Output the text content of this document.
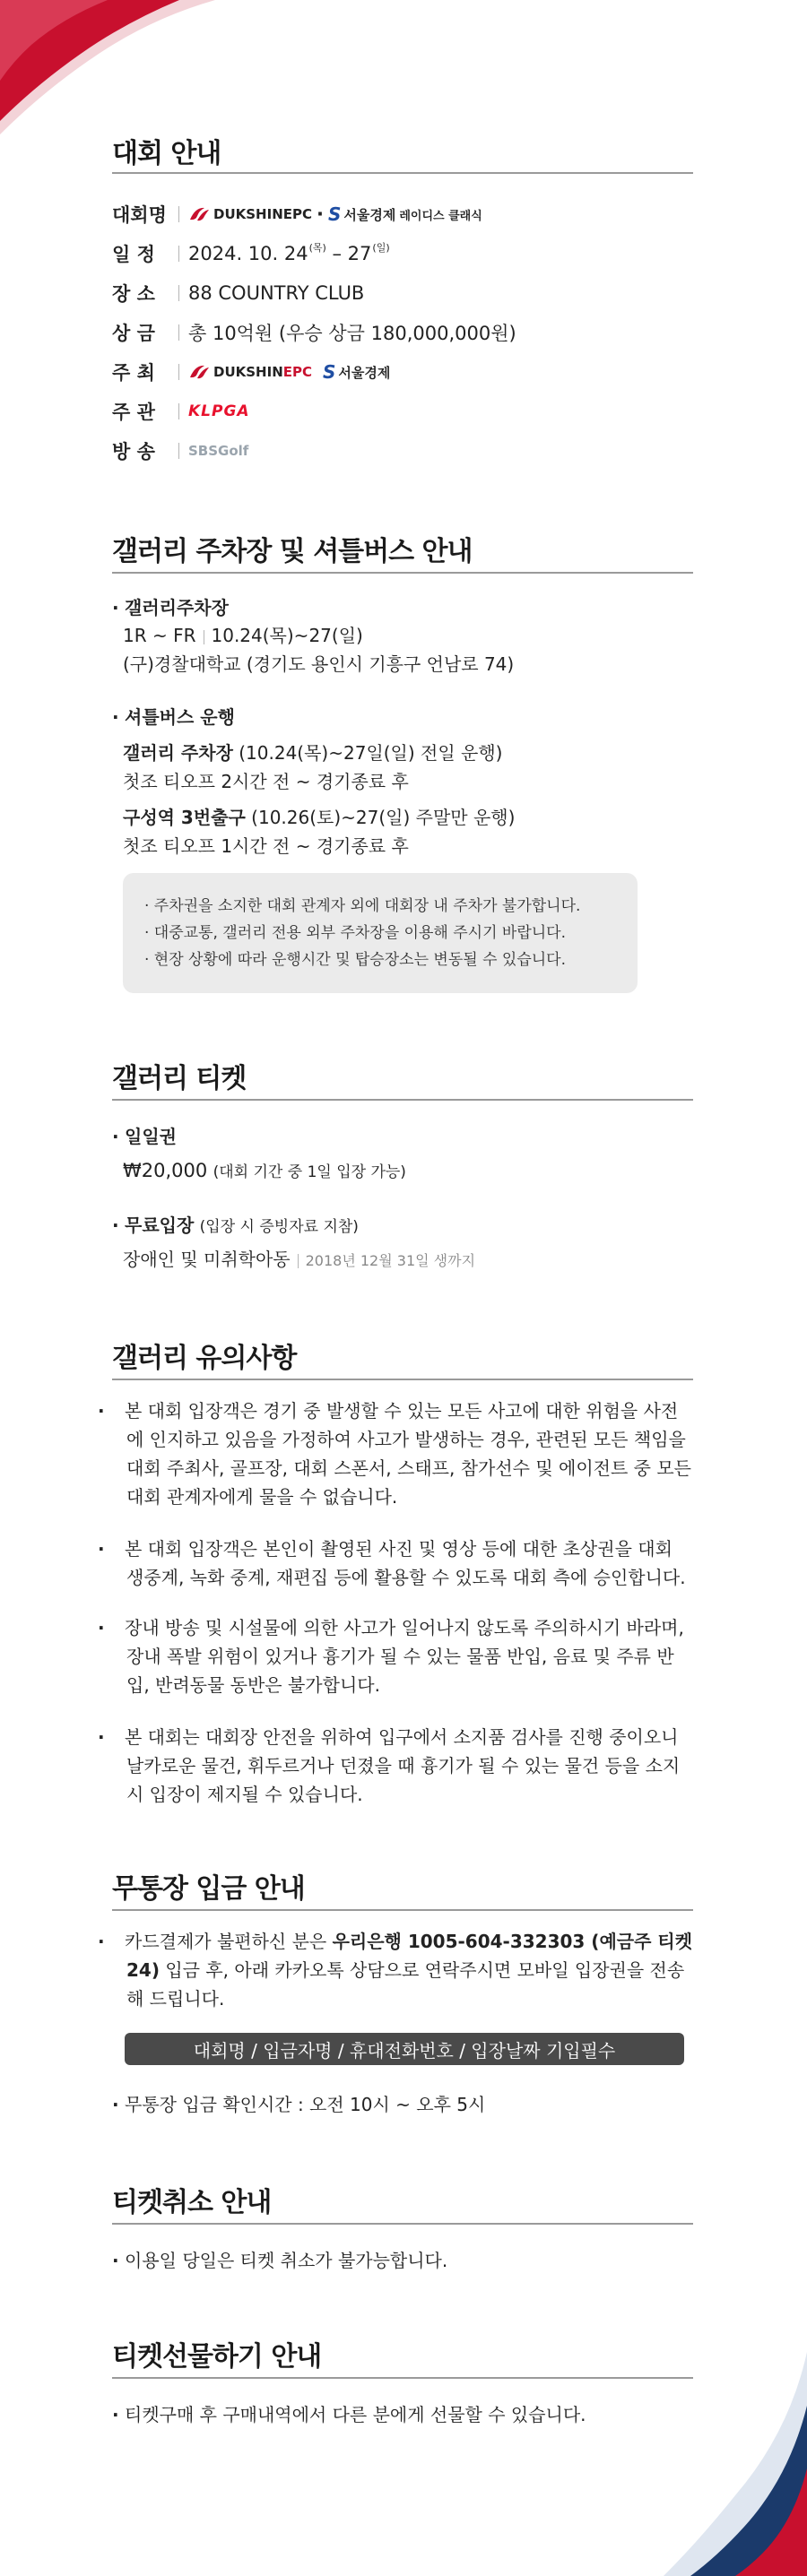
대회 안내
대회명	DUKSHINEPC · S 서울경제 레이디스 클래식
일 정	2024. 10. 24 (목) – 27 (일)
장 소	88 COUNTRY CLUB
상 금	총 10억원 (우승 상금 180,000,000원)
주 최	DUKSHIN EPC S 서울경제
주 관	KLPGA
방 송	SBSGolf
갤러리 주차장 및 셔틀버스 안내
· 갤러리주차장
1R ~ FR 10.24(목)~27(일)
(구)경찰대학교 (경기도 용인시 기흥구 언남로 74)
· 셔틀버스 운행
갤러리 주차장 (10.24(목)~27일(일) 전일 운행)
첫조 티오프 2시간 전 ~ 경기종료 후
구성역 3번출구 (10.26(토)~27(일) 주말만 운행)
첫조 티오프 1시간 전 ~ 경기종료 후
· 주차권을 소지한 대회 관계자 외에 대회장 내 주차가 불가합니다.
· 대중교통, 갤러리 전용 외부 주차장을 이용해 주시기 바랍니다.
· 현장 상황에 따라 운행시간 및 탑승장소는 변동될 수 있습니다.
갤러리 티켓
· 일일권
₩20,000 (대회 기간 중 1일 입장 가능)
· 무료입장 (입장 시 증빙자료 지참)
장애인 및 미취학아동 2018년 12월 31일 생까지
갤러리 유의사항
· 본 대회 입장객은 경기 중 발생할 수 있는 모든 사고에 대한 위험을 사전에 인지하고 있음을 가정하여 사고가 발생하는 경우, 관련된 모든 책임을 대회 주최사, 골프장, 대회 스폰서, 스태프, 참가선수 및 에이전트 중 모든 대회 관계자에게 물을 수 없습니다.
· 본 대회 입장객은 본인이 촬영된 사진 및 영상 등에 대한 초상권을 대회 생중계, 녹화 중계, 재편집 등에 활용할 수 있도록 대회 측에 승인합니다.
· 장내 방송 및 시설물에 의한 사고가 일어나지 않도록 주의하시기 바라며, 장내 폭발 위험이 있거나 흉기가 될 수 있는 물품 반입, 음료 및 주류 반입, 반려동물 동반은 불가합니다.
· 본 대회는 대회장 안전을 위하여 입구에서 소지품 검사를 진행 중이오니 날카로운 물건, 휘두르거나 던졌을 때 흉기가 될 수 있는 물건 등을 소지 시 입장이 제지될 수 있습니다.
무통장 입금 안내
· 카드결제가 불편하신 분은 우리은행 1005-604-332303 (예금주 티켓24) 입금 후, 아래 카카오톡 상담으로 연락주시면 모바일 입장권을 전송해 드립니다.
대회명 / 입금자명 / 휴대전화번호 / 입장날짜 기입필수
· 무통장 입금 확인시간 : 오전 10시 ~ 오후 5시
티켓취소 안내
· 이용일 당일은 티켓 취소가 불가능합니다.
티켓선물하기 안내
· 티켓구매 후 구매내역에서 다른 분에게 선물할 수 있습니다.
